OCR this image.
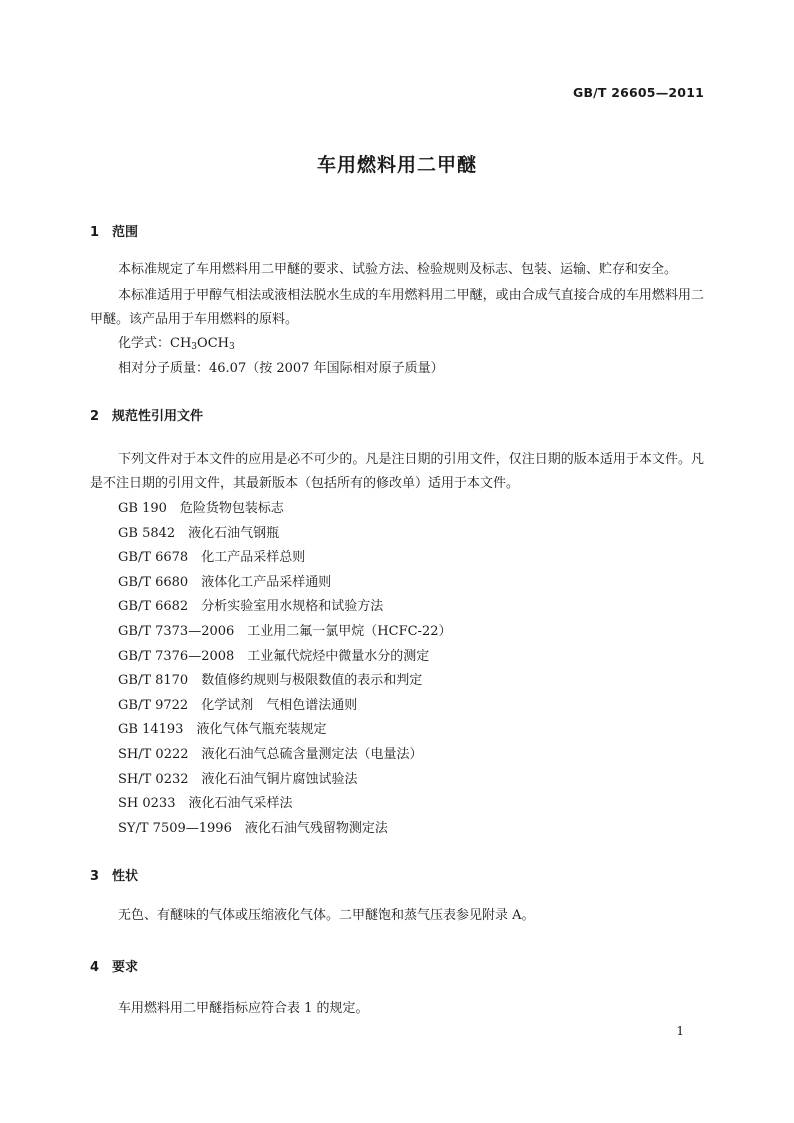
GB/T 26605—2011
车用燃料用二甲醚
1 范围
本标准规定了车用燃料用二甲醚的要求、试验方法、检验规则及标志、包装、运输、贮存和安全。
本标准适用于甲醇气相法或液相法脱水生成的车用燃料用二甲醚，或由合成气直接合成的车用燃料用二甲醚。该产品用于车用燃料的原料。
化学式：$CH_3OCH_3$
相对分子质量：46.07（按 2007 年国际相对原子质量）
2 规范性引用文件
下列文件对于本文件的应用是必不可少的。凡是注日期的引用文件，仅注日期的版本适用于本文件。凡是不注日期的引用文件，其最新版本（包括所有的修改单）适用于本文件。
GB 190 危险货物包装标志
GB 5842 液化石油气钢瓶
GB/T 6678 化工产品采样总则
GB/T 6680 液体化工产品采样通则
GB/T 6682 分析实验室用水规格和试验方法
GB/T 7373—2006 工业用二氟一氯甲烷（HCFC-22）
GB/T 7376—2008 工业氟代烷烃中微量水分的测定
GB/T 8170 数值修约规则与极限数值的表示和判定
GB/T 9722 化学试剂　气相色谱法通则
GB 14193 液化气体气瓶充装规定
SH/T 0222 液化石油气总硫含量测定法（电量法）
SH/T 0232 液化石油气铜片腐蚀试验法
SH 0233 液化石油气采样法
SY/T 7509—1996 液化石油气残留物测定法
3 性状
无色、有醚味的气体或压缩液化气体。二甲醚饱和蒸气压表参见附录 A。
4 要求
车用燃料用二甲醚指标应符合表 1 的规定。
1
